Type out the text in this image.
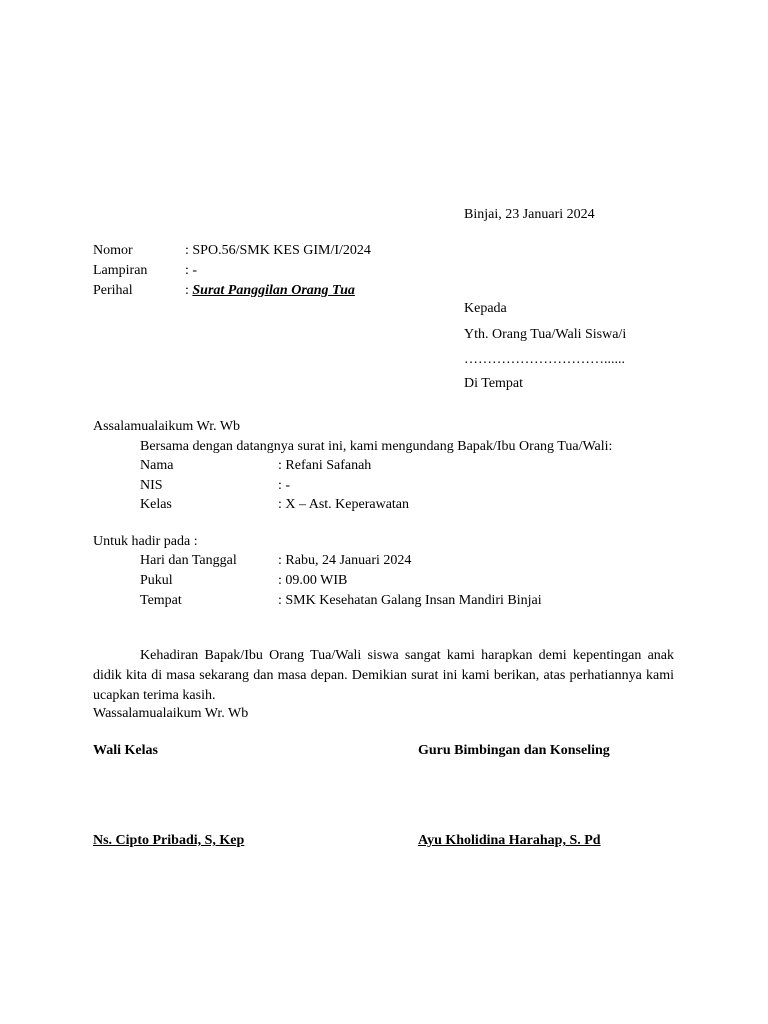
Binjai, 23 Januari 2024
Nomor	: SPO.56/SMK KES GIM/I/2024
Lampiran	: -
Perihal	: Surat Panggilan Orang Tua
Kepada
Yth. Orang Tua/Wali Siswa/i
…………………………......
Di Tempat
Assalamualaikum Wr. Wb
Bersama dengan datangnya surat ini, kami mengundang Bapak/Ibu Orang Tua/Wali:
Nama	: Refani Safanah
NIS	: -
Kelas	: X – Ast. Keperawatan
Untuk hadir pada :
Hari dan Tanggal	: Rabu, 24 Januari 2024
Pukul	: 09.00 WIB
Tempat	: SMK Kesehatan Galang Insan Mandiri Binjai
Kehadiran Bapak/Ibu Orang Tua/Wali siswa sangat kami harapkan demi kepentingan anak didik kita di masa sekarang dan masa depan. Demikian surat ini kami berikan, atas perhatiannya kami ucapkan terima kasih.
Wassalamualaikum Wr. Wb
Wali Kelas	Guru Bimbingan dan Konseling
Ns. Cipto Pribadi, S, Kep	Ayu Kholidina Harahap, S. Pd
